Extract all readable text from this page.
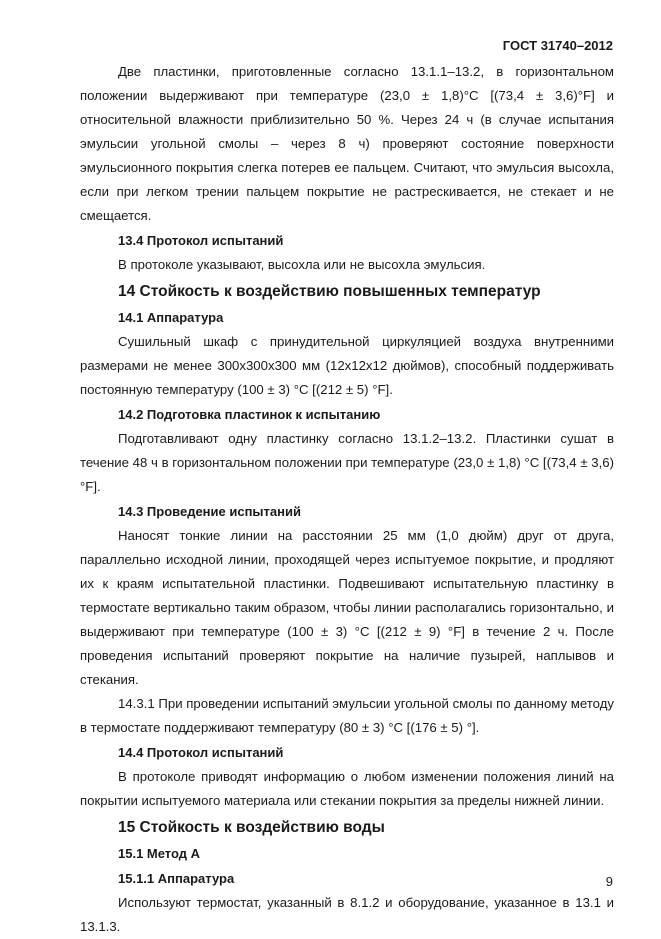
ГОСТ 31740–2012

Две пластинки, приготовленные согласно 13.1.1–13.2, в горизонтальном положении выдерживают при температуре (23,0 ± 1,8)°С [(73,4 ± 3,6)°F] и относительной влажности приблизительно 50 %. Через 24 ч (в случае испытания эмульсии угольной смолы – через 8 ч) проверяют состояние поверхности эмульсионного покрытия слегка потерев ее пальцем. Считают, что эмульсия высохла, если при легком трении пальцем покрытие не растрескивается, не стекает и не смещается.

13.4 Протокол испытаний

В протоколе указывают, высохла или не высохла эмульсия.

14 Стойкость к воздействию повышенных температур
14.1 Аппаратура

Сушильный шкаф с принудительной циркуляцией воздуха внутренними размерами не менее 300х300х300 мм (12х12х12 дюймов), способный поддерживать постоянную температуру (100 ± 3) °С [(212 ± 5) °F].

14.2 Подготовка пластинок к испытанию

Подготавливают одну пластинку согласно 13.1.2–13.2. Пластинки сушат в течение 48 ч в горизонтальном положении при температуре (23,0 ± 1,8) °С [(73,4 ± 3,6) °F].

14.3 Проведение испытаний

Наносят тонкие линии на расстоянии 25 мм (1,0 дюйм) друг от друга, параллельно исходной линии, проходящей через испытуемое покрытие, и продляют их к краям испытательной пластинки. Подвешивают испытательную пластинку в термостате вертикально таким образом, чтобы линии располагались горизонтально, и выдерживают при температуре (100 ± 3) °С [(212 ± 9) °F] в течение 2 ч. После проведения испытаний проверяют покрытие на наличие пузырей, наплывов и стекания.

14.3.1 При проведении испытаний эмульсии угольной смолы по данному методу в термостате поддерживают температуру (80 ± 3) °С [(176 ± 5) °].

14.4 Протокол испытаний

В протоколе приводят информацию о любом изменении положения линий на покрытии испытуемого материала или стекании покрытия за пределы нижней линии.

15 Стойкость к воздействию воды
15.1 Метод А
15.1.1 Аппаратура

Используют термостат, указанный в 8.1.2 и оборудование, указанное в 13.1 и 13.1.3.

9
